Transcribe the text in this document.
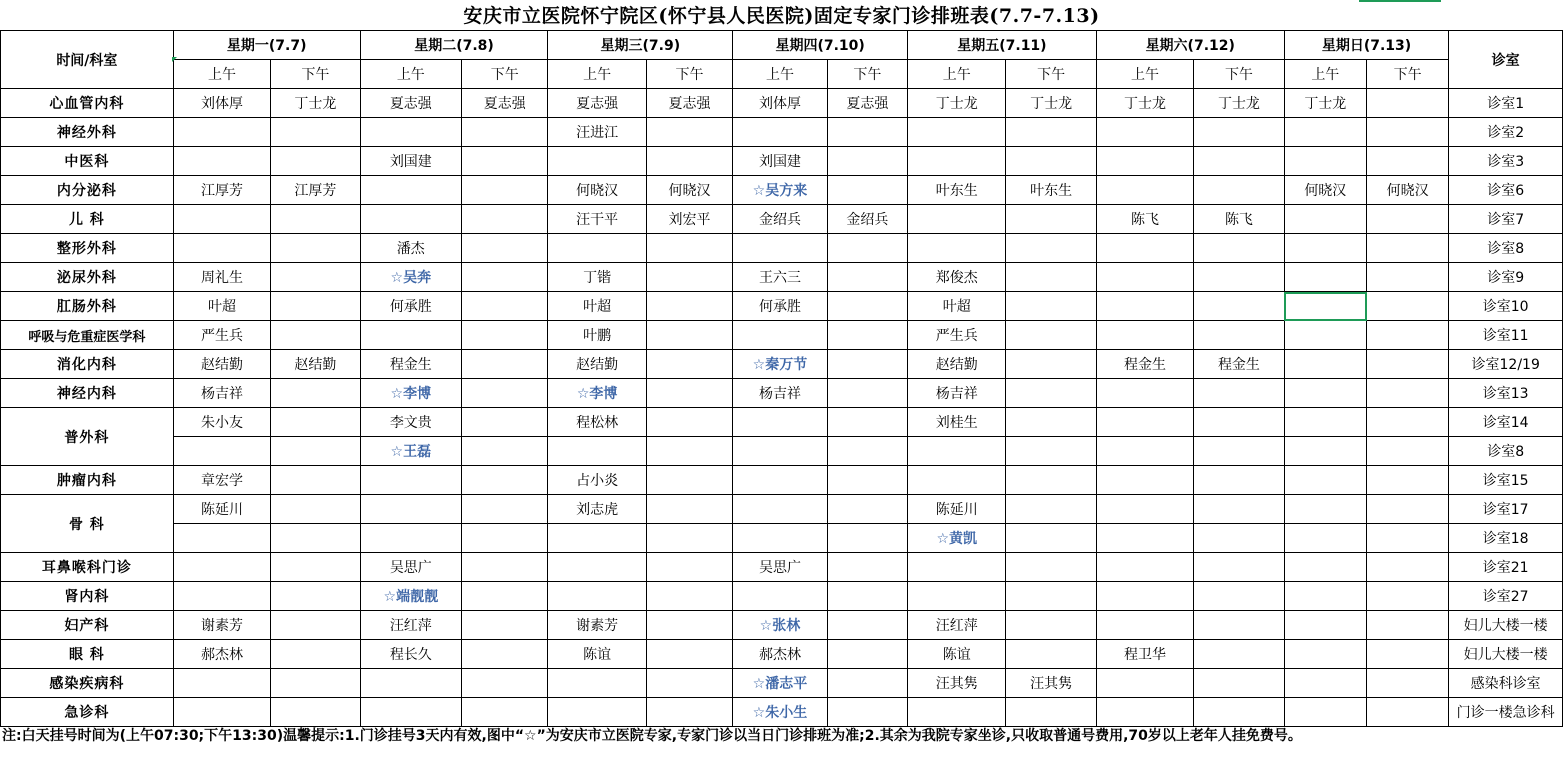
安庆市立医院怀宁院区(怀宁县人民医院)固定专家门诊排班表(7.7-7.13)
时间/科室	星期一(7.7)		星期二(7.8)		星期三(7.9)		星期四(7.10)		星期五(7.11)		星期六(7.12)		星期日(7.13)		诊室
	上午	下午	上午	下午	上午	下午	上午	下午	上午	下午	上午	下午	上午	下午	
心血管内科	刘体厚	丁士龙	夏志强	夏志强	夏志强	夏志强	刘体厚	夏志强	丁士龙	丁士龙	丁士龙	丁士龙	丁士龙		诊室1
神经外科					汪进江										诊室2
中医科			刘国建				刘国建								诊室3
内分泌科	江厚芳	江厚芳			何晓汉	何晓汉	☆吴方来		叶东生	叶东生			何晓汉	何晓汉	诊室6
儿 科					汪干平	刘宏平	金绍兵	金绍兵			陈飞	陈飞			诊室7
整形外科			潘杰												诊室8
泌尿外科	周礼生		☆吴奔		丁锴		王六三		郑俊杰						诊室9
肛肠外科	叶超		何承胜		叶超		何承胜		叶超						诊室10
呼吸与危重症医学科	严生兵				叶鹏				严生兵						诊室11
消化内科	赵结勤	赵结勤	程金生		赵结勤		☆秦万节		赵结勤		程金生	程金生			诊室12/19
神经内科	杨吉祥		☆李博		☆李博		杨吉祥		杨吉祥						诊室13
普外科	朱小友		李文贵		程松林				刘桂生						诊室14
			☆王磊												诊室8
肿瘤内科	章宏学				占小炎										诊室15
骨 科	陈延川				刘志虎				陈延川						诊室17
									☆黄凯						诊室18
耳鼻喉科门诊			吴思广				吴思广								诊室21
肾内科			☆端靓靓												诊室27
妇产科	谢素芳		汪红萍		谢素芳		☆张林		汪红萍						妇儿大楼一楼
眼 科	郝杰林		程长久		陈谊		郝杰林		陈谊		程卫华				妇儿大楼一楼
感染疾病科							☆潘志平		汪其隽	汪其隽					感染科诊室
急诊科							☆朱小生								门诊一楼急诊科
注:白天挂号时间为(上午07:30;下午13:30)温馨提示:1.门诊挂号3天内有效,图中“☆”为安庆市立医院专家,专家门诊以当日门诊排班为准;2.其余为我院专家坐诊,只收取普通号费用,70岁以上老年人挂免费号。
